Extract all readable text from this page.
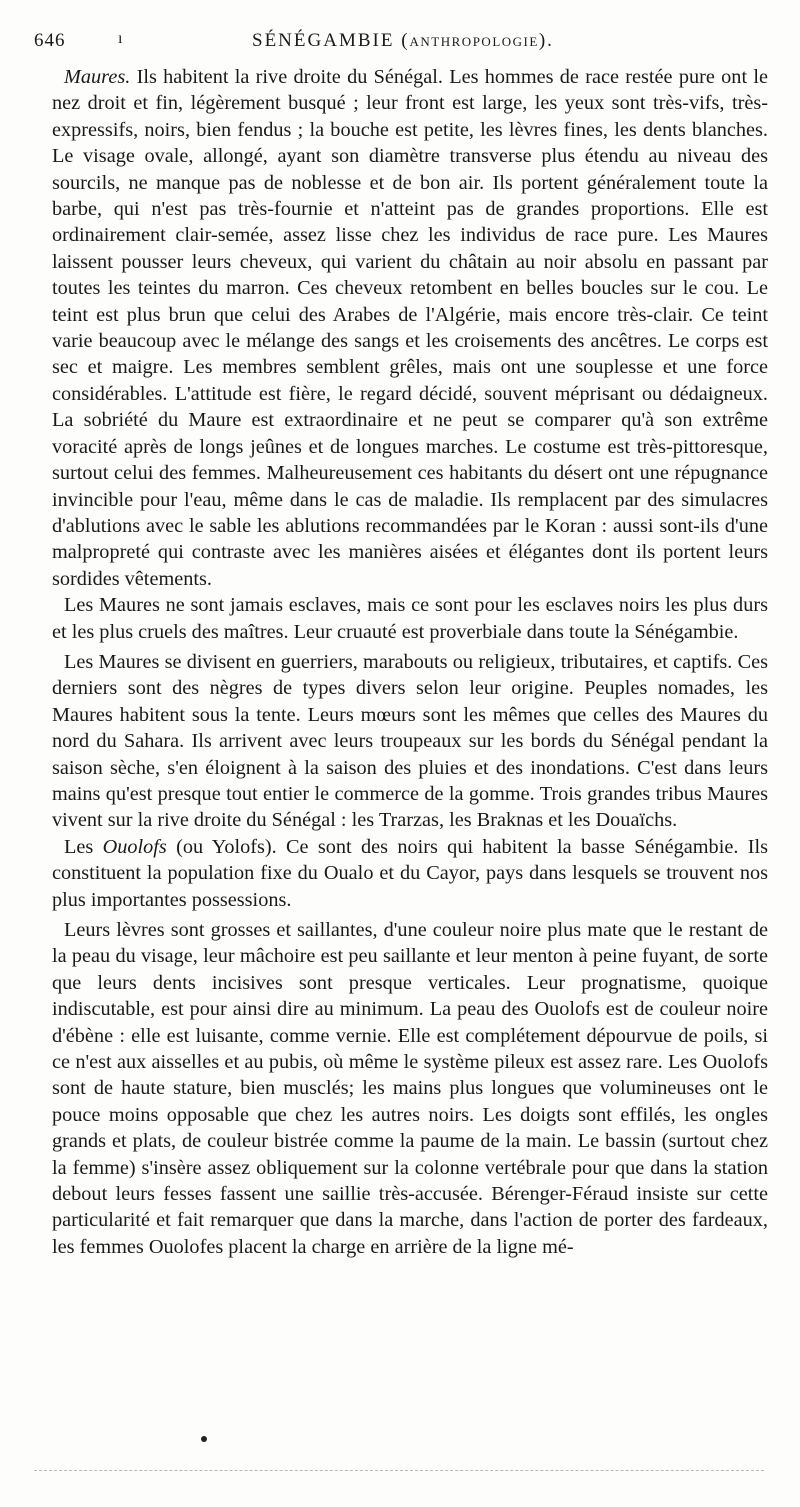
646	ı	SÉNÉGAMBIE (ANTHROPOLOGIE).

Maures. Ils habitent la rive droite du Sénégal. Les hommes de race restée pure ont le nez droit et fin, légèrement busqué ; leur front est large, les yeux sont très-vifs, très-expressifs, noirs, bien fendus ; la bouche est petite, les lèvres fines, les dents blanches. Le visage ovale, allongé, ayant son diamètre transverse plus étendu au niveau des sourcils, ne manque pas de noblesse et de bon air. Ils portent généralement toute la barbe, qui n'est pas très-fournie et n'atteint pas de grandes proportions. Elle est ordinairement clair-semée, assez lisse chez les individus de race pure. Les Maures laissent pousser leurs cheveux, qui varient du châtain au noir absolu en passant par toutes les teintes du marron. Ces cheveux retombent en belles boucles sur le cou. Le teint est plus brun que celui des Arabes de l'Algérie, mais encore très-clair. Ce teint varie beaucoup avec le mélange des sangs et les croisements des ancêtres. Le corps est sec et maigre. Les membres semblent grêles, mais ont une souplesse et une force considérables. L'attitude est fière, le regard décidé, souvent méprisant ou dédaigneux. La sobriété du Maure est extraordinaire et ne peut se comparer qu'à son extrême voracité après de longs jeûnes et de longues marches. Le costume est très-pittoresque, surtout celui des femmes. Malheureusement ces habitants du désert ont une répugnance invincible pour l'eau, même dans le cas de maladie. Ils remplacent par des simulacres d'ablutions avec le sable les ablutions recommandées par le Koran : aussi sont-ils d'une malpropreté qui contraste avec les manières aisées et élégantes dont ils portent leurs sordides vêtements.

Les Maures ne sont jamais esclaves, mais ce sont pour les esclaves noirs les plus durs et les plus cruels des maîtres. Leur cruauté est proverbiale dans toute la Sénégambie.

Les Maures se divisent en guerriers, marabouts ou religieux, tributaires, et captifs. Ces derniers sont des nègres de types divers selon leur origine. Peuples nomades, les Maures habitent sous la tente. Leurs mœurs sont les mêmes que celles des Maures du nord du Sahara. Ils arrivent avec leurs troupeaux sur les bords du Sénégal pendant la saison sèche, s'en éloignent à la saison des pluies et des inondations. C'est dans leurs mains qu'est presque tout entier le commerce de la gomme. Trois grandes tribus Maures vivent sur la rive droite du Sénégal : les Trarzas, les Braknas et les Douaïchs.

Les Ouolofs (ou Yolofs). Ce sont des noirs qui habitent la basse Sénégambie. Ils constituent la population fixe du Oualo et du Cayor, pays dans lesquels se trouvent nos plus importantes possessions.

Leurs lèvres sont grosses et saillantes, d'une couleur noire plus mate que le restant de la peau du visage, leur mâchoire est peu saillante et leur menton à peine fuyant, de sorte que leurs dents incisives sont presque verticales. Leur prognatisme, quoique indiscutable, est pour ainsi dire au minimum. La peau des Ouolofs est de couleur noire d'ébène : elle est luisante, comme vernie. Elle est complétement dépourvue de poils, si ce n'est aux aisselles et au pubis, où même le système pileux est assez rare. Les Ouolofs sont de haute stature, bien musclés; les mains plus longues que volumineuses ont le pouce moins opposable que chez les autres noirs. Les doigts sont effilés, les ongles grands et plats, de couleur bistrée comme la paume de la main. Le bassin (surtout chez la femme) s'insère assez obliquement sur la colonne vertébrale pour que dans la station debout leurs fesses fassent une saillie très-accusée. Bérenger-Féraud insiste sur cette particularité et fait remarquer que dans la marche, dans l'action de porter des fardeaux, les femmes Ouolofes placent la charge en arrière de la ligne mé-
